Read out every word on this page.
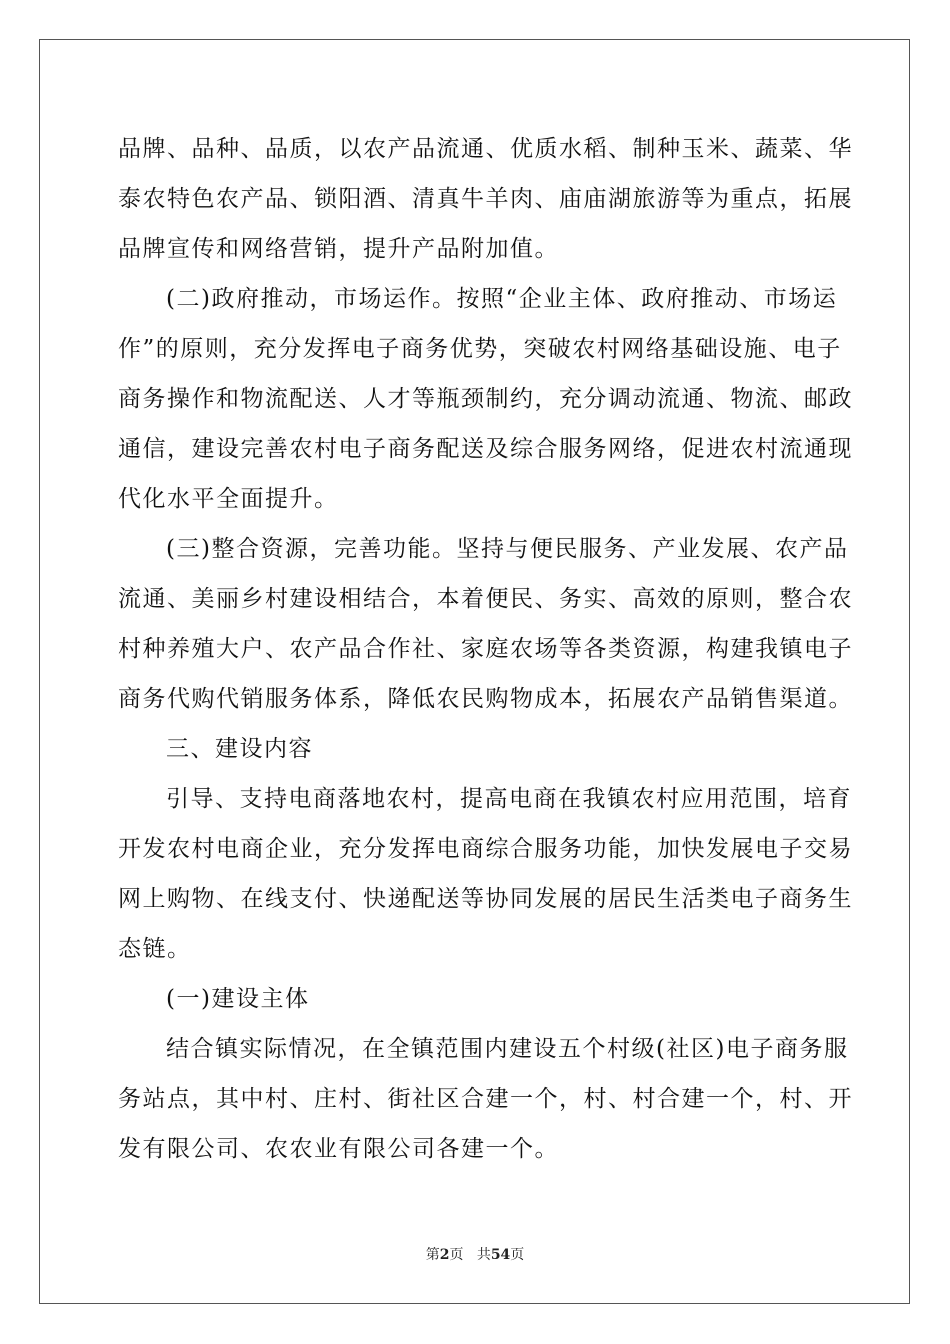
品牌、品种、品质，以农产品流通、优质水稻、制种玉米、蔬菜、华
泰农特色农产品、锁阳酒、清真牛羊肉、庙庙湖旅游等为重点，拓展
品牌宣传和网络营销，提升产品附加值。
(二)政府推动，市场运作。按照“企业主体、政府推动、市场运
作”的原则，充分发挥电子商务优势，突破农村网络基础设施、电子
商务操作和物流配送、人才等瓶颈制约，充分调动流通、物流、邮政
通信，建设完善农村电子商务配送及综合服务网络，促进农村流通现
代化水平全面提升。
(三)整合资源，完善功能。坚持与便民服务、产业发展、农产品
流通、美丽乡村建设相结合，本着便民、务实、高效的原则，整合农
村种养殖大户、农产品合作社、家庭农场等各类资源，构建我镇电子
商务代购代销服务体系，降低农民购物成本，拓展农产品销售渠道。
三、建设内容
引导、支持电商落地农村，提高电商在我镇农村应用范围，培育
开发农村电商企业，充分发挥电商综合服务功能，加快发展电子交易
网上购物、在线支付、快递配送等协同发展的居民生活类电子商务生
态链。
(一)建设主体
结合镇实际情况，在全镇范围内建设五个村级(社区)电子商务服
务站点，其中村、庄村、街社区合建一个，村、村合建一个，村、开
发有限公司、农农业有限公司各建一个。
第2页 共54页
